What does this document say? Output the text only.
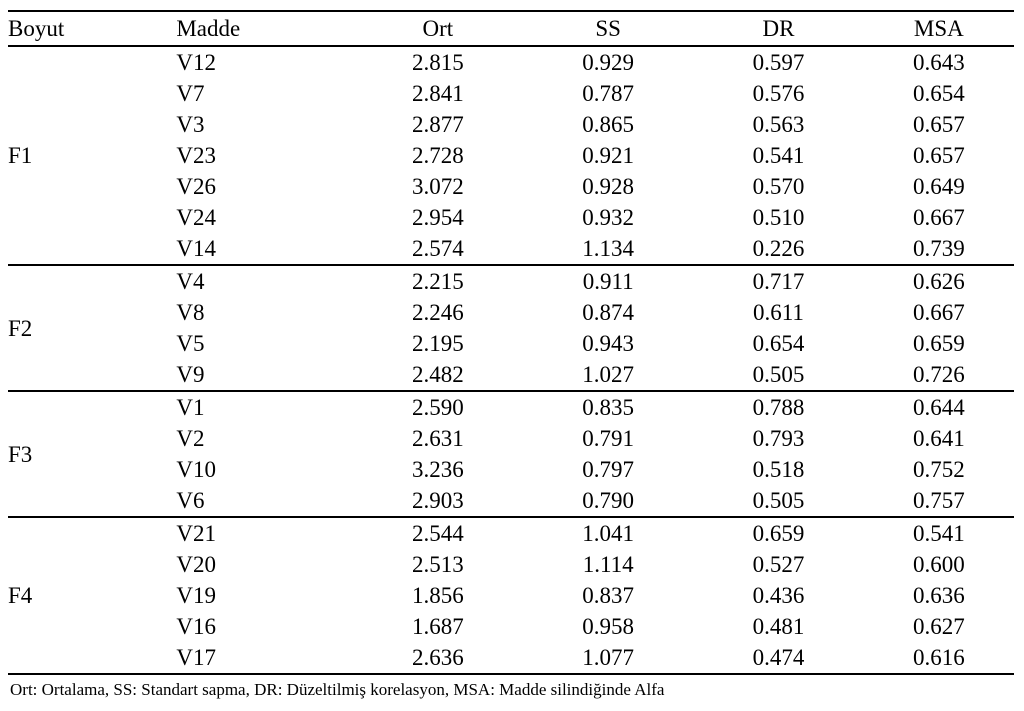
Boyut	Madde	Ort	SS	DR	MSA
F1	V12	2.815	0.929	0.597	0.643
	V7	2.841	0.787	0.576	0.654
	V3	2.877	0.865	0.563	0.657
	V23	2.728	0.921	0.541	0.657
	V26	3.072	0.928	0.570	0.649
	V24	2.954	0.932	0.510	0.667
	V14	2.574	1.134	0.226	0.739
F2	V4	2.215	0.911	0.717	0.626
	V8	2.246	0.874	0.611	0.667
	V5	2.195	0.943	0.654	0.659
	V9	2.482	1.027	0.505	0.726
F3	V1	2.590	0.835	0.788	0.644
	V2	2.631	0.791	0.793	0.641
	V10	3.236	0.797	0.518	0.752
	V6	2.903	0.790	0.505	0.757
F4	V21	2.544	1.041	0.659	0.541
	V20	2.513	1.114	0.527	0.600
	V19	1.856	0.837	0.436	0.636
	V16	1.687	0.958	0.481	0.627
	V17	2.636	1.077	0.474	0.616
Ort: Ortalama, SS: Standart sapma, DR: Düzeltilmiş korelasyon, MSA: Madde silindiğinde Alfa
